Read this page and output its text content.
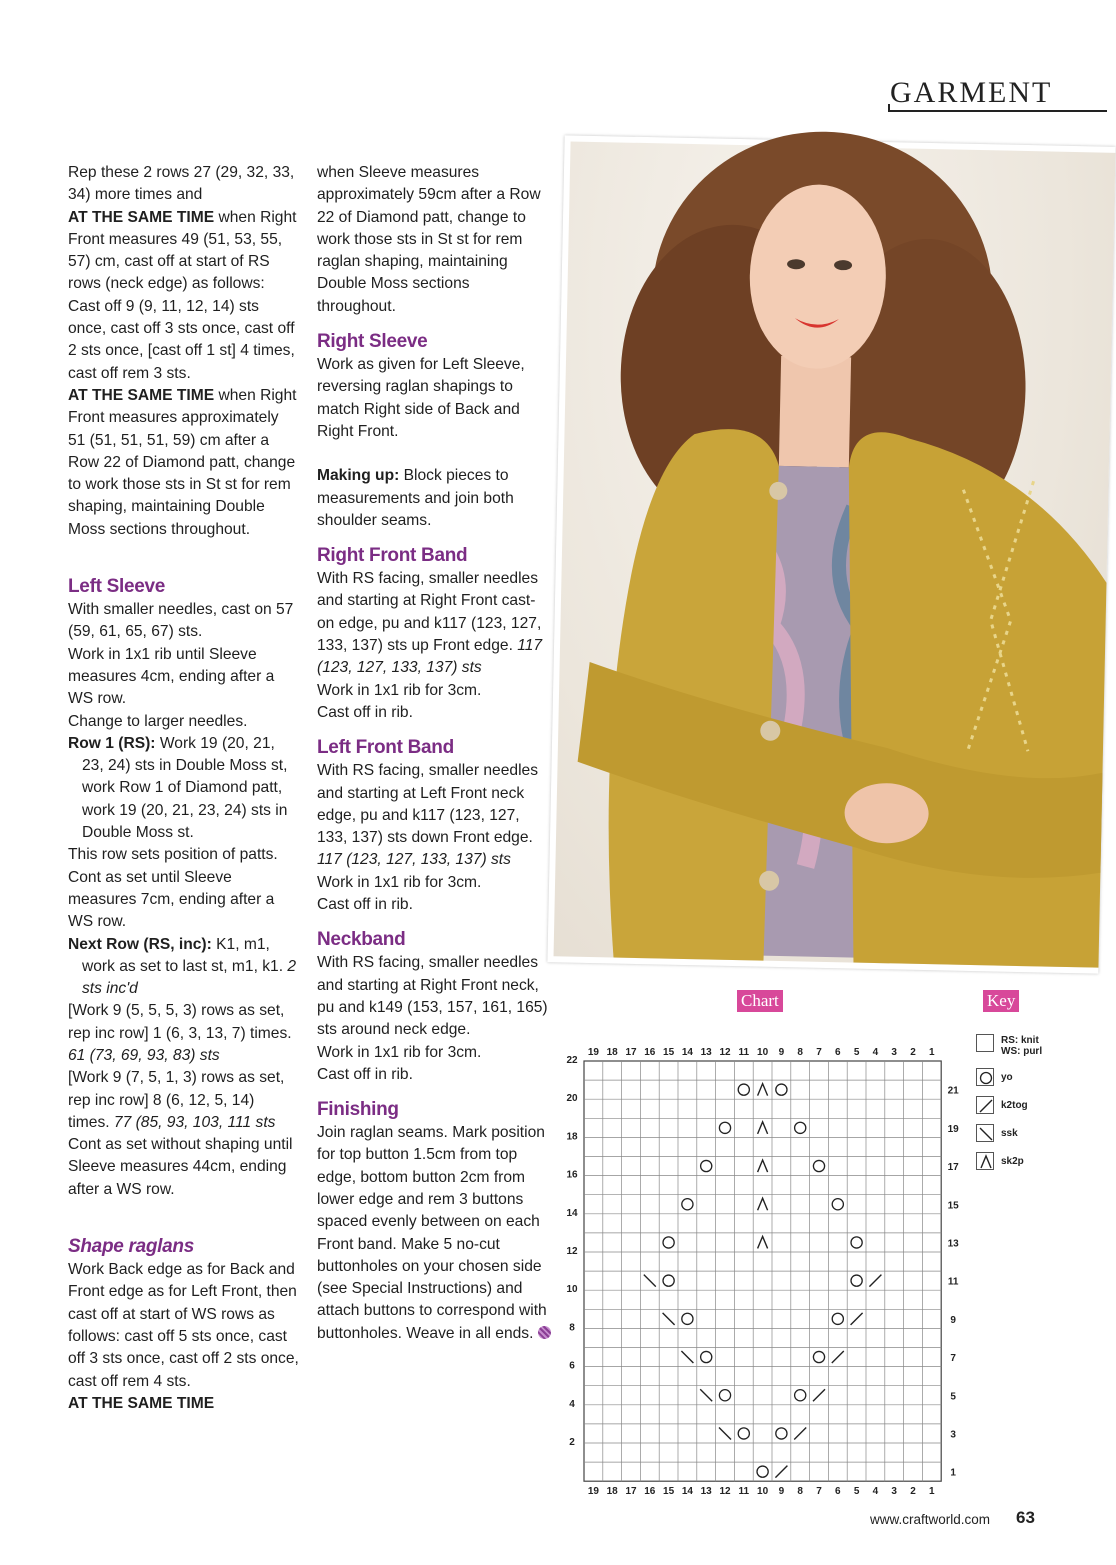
GARMENT

Rep these 2 rows 27 (29, 32, 33, 34) more times and
AT THE SAME TIME when Right Front measures 49 (51, 53, 55, 57) cm, cast off at start of RS rows (neck edge) as follows:

Cast off 9 (9, 11, 12, 14) sts once, cast off 3 sts once, cast off 2 sts once, [cast off 1 st] 4 times, cast off rem 3 sts.

AT THE SAME TIME when Right Front measures approximately 51 (51, 51, 51, 59) cm after a Row 22 of Diamond patt, change to work those sts in St st for rem shaping, maintaining Double Moss sections throughout.

Left Sleeve

With smaller needles, cast on 57 (59, 61, 65, 67) sts.

Work in 1x1 rib until Sleeve measures 4cm, ending after a WS row.

Change to larger needles.

Row 1 (RS): Work 19 (20, 21, 23, 24) sts in Double Moss st, work Row 1 of Diamond patt, work 19 (20, 21, 23, 24) sts in Double Moss st.

This row sets position of patts.

Cont as set until Sleeve measures 7cm, ending after a WS row.

Next Row (RS, inc): K1, m1, work as set to last st, m1, k1. 2 sts inc'd

[Work 9 (5, 5, 5, 3) rows as set, rep inc row] 1 (6, 3, 13, 7) times. 61 (73, 69, 93, 83) sts

[Work 9 (7, 5, 1, 3) rows as set, rep inc row] 8 (6, 12, 5, 14) times. 77 (85, 93, 103, 111 sts

Cont as set without shaping until Sleeve measures 44cm, ending after a WS row.

Shape raglans

Work Back edge as for Back and Front edge as for Left Front, then cast off at start of WS rows as follows: cast off 5 sts once, cast off 3 sts once, cast off 2 sts once, cast off rem 4 sts.

AT THE SAME TIME

when Sleeve measures approximately 59cm after a Row 22 of Diamond patt, change to work those sts in St st for rem raglan shaping, maintaining Double Moss sections throughout.

Right Sleeve

Work as given for Left Sleeve, reversing raglan shapings to match Right side of Back and Right Front.

Making up: Block pieces to measurements and join both shoulder seams.

Right Front Band

With RS facing, smaller needles and starting at Right Front cast-on edge, pu and k117 (123, 127, 133, 137) sts up Front edge. 117 (123, 127, 133, 137) sts

Work in 1x1 rib for 3cm.

Cast off in rib.

Left Front Band

With RS facing, smaller needles and starting at Left Front neck edge, pu and k117 (123, 127, 133, 137) sts down Front edge. 117 (123, 127, 133, 137) sts

Work in 1x1 rib for 3cm.

Cast off in rib.

Neckband

With RS facing, smaller needles and starting at Right Front neck, pu and k149 (153, 157, 161, 165) sts around neck edge.

Work in 1x1 rib for 3cm.

Cast off in rib.

Finishing

Join raglan seams. Mark position for top button 1.5cm from top edge, bottom button 2cm from lower edge and rem 3 buttons spaced evenly between on each Front band. Make 5 no-cut buttonholes on your chosen side (see Special Instructions) and attach buttons to correspond with buttonholes. Weave in all ends.

Chart
19
19
18
18
17
17
16
16
15
15
14
14
13
13
12
12
11
11
10
10
9
9
8
8
7
7
6
6
5
5
4
4
3
3
2
2
1
1
21
19
17
15
13
11
9
7
5
3
1
22
20
18
16
14
12
10
8
6
4
2
Key
RS: knit
WS: purl
yo
k2tog
ssk
sk2p
www.craftworld.com 63
